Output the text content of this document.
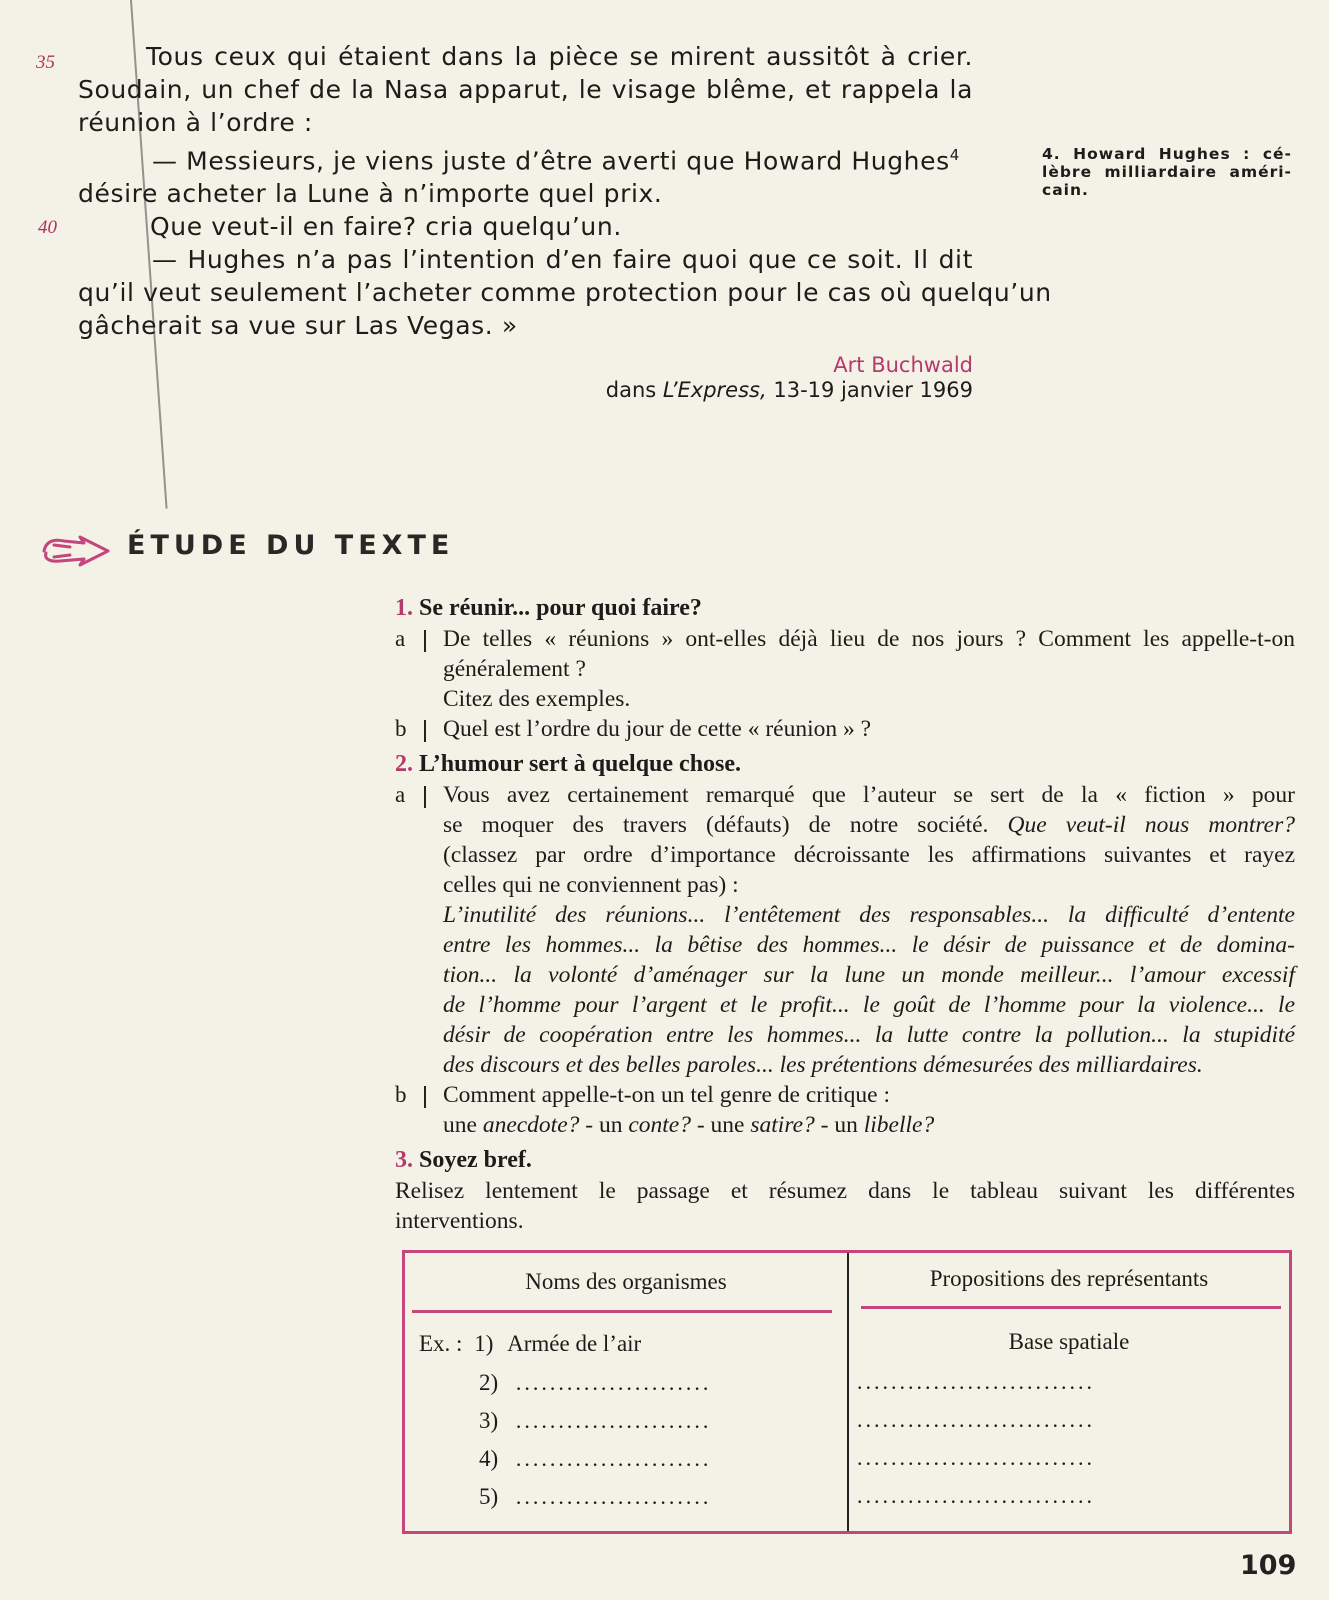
35
40
Tous ceux qui étaient dans la pièce se mirent aussitôt à crier.
Soudain, un chef de la Nasa apparut, le visage blême, et rappela la
réunion à l’ordre :
— Messieurs, je viens juste d’être averti que Howard Hughes$^4$
désire acheter la Lune à n’importe quel prix.
Que veut-il en faire? cria quelqu’un.
— Hughes n’a pas l’intention d’en faire quoi que ce soit. Il dit
qu’il veut seulement l’acheter comme protection pour le cas où quelqu’un
gâcherait sa vue sur Las Vegas. »
Art Buchwald
dans L’Express, 13-19 janvier 1969
4. Howard Hughes : cé-
lèbre milliardaire améri-
cain.
ÉTUDE DU TEXTE
1. Se réunir... pour quoi faire?
a	De telles « réunions » ont-elles déjà lieu de nos jours ? Comment les appelle-t-on
généralement ?
Citez des exemples.
b	Quel est l’ordre du jour de cette « réunion » ?
2. L’humour sert à quelque chose.
a	Vous avez certainement remarqué que l’auteur se sert de la « fiction » pour
se moquer des travers (défauts) de notre société. Que veut-il nous montrer?
(classez par ordre d’importance décroissante les affirmations suivantes et rayez
celles qui ne conviennent pas) :
L’inutilité des réunions... l’entêtement des responsables... la difficulté d’entente
entre les hommes... la bêtise des hommes... le désir de puissance et de domina-
tion... la volonté d’aménager sur la lune un monde meilleur... l’amour excessif
de l’homme pour l’argent et le profit... le goût de l’homme pour la violence... le
désir de coopération entre les hommes... la lutte contre la pollution... la stupidité
des discours et des belles paroles... les prétentions démesurées des milliardaires.
b	Comment appelle-t-on un tel genre de critique :
une anecdote? - un conte? - une satire? - un libelle?
3. Soyez bref.
Relisez lentement le passage et résumez dans le tableau suivant les différentes
interventions.
Noms des organismes	Propositions des représentants
Ex. : 1) Armée de l’air	Base spatiale
2) .......................	............................
3) .......................	............................
4) .......................	............................
5) .......................	............................
109
